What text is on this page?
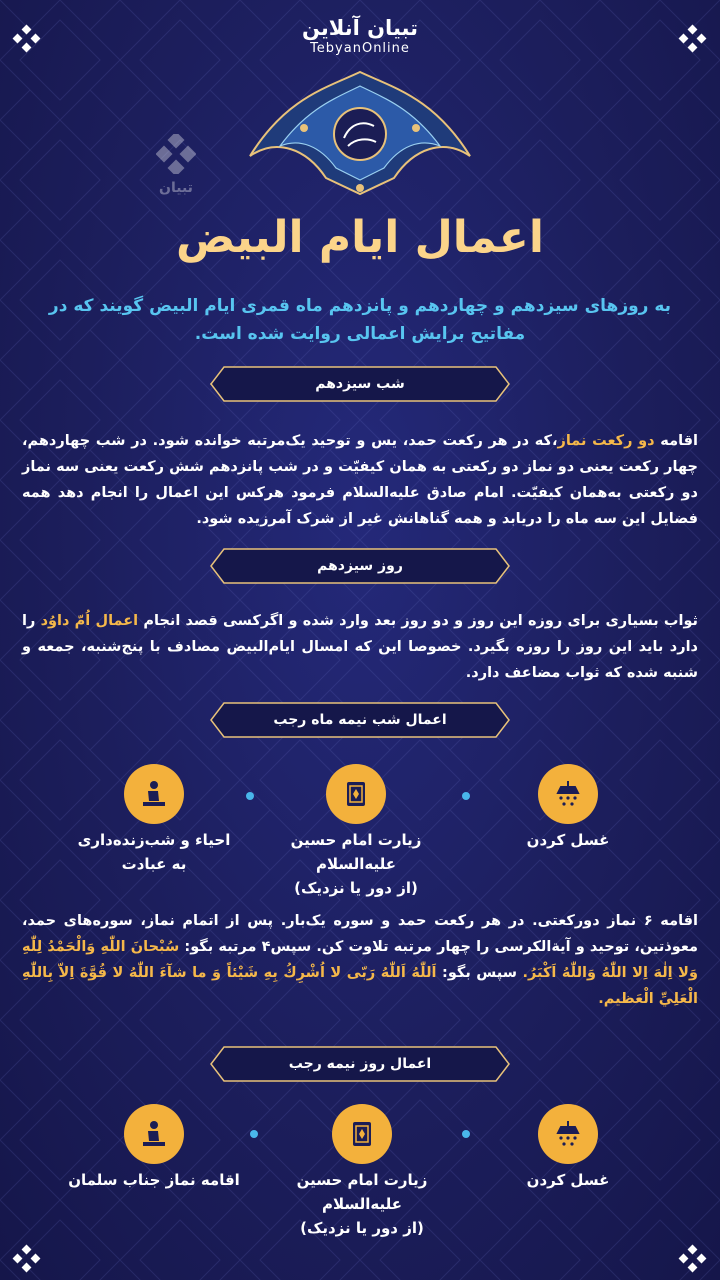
تبیان آنلاین
TebyanOnline
تبیان
اعمال ایام البیض
به روزهای سیزدهم و چهاردهم و پانزدهم ماه قمری ایام البیض گویند که در مفاتیح برایش اعمالی روایت شده است.
شب سیزدهم
اقامه دو رکعت نماز،که در هر رکعت حمد، یس و توحید یک‌مرتبه خوانده شود. در شب چهاردهم، چهار رکعت یعنی دو نماز دو رکعتی به همان کیفیّت و در شب پانزدهم شش رکعت یعنی سه نماز دو رکعتی به‌همان کیفیّت. امام صادق علیه‌السلام فرمود هرکس این اعمال را انجام دهد همه فضایل این سه ماه را دریابد و همه گناهانش غیر از شرک آمرزیده شود.
روز سیزدهم
ثواب بسیاری برای روزه این روز و دو روز بعد وارد شده و اگرکسی قصد انجام اعمال اُمّ داوُد را دارد باید این روز را روزه بگیرد. خصوصا این که امسال ایام‌البیض مصادف با پنج‌شنبه، جمعه و شنبه شده که ثواب مضاعف دارد.
اعمال شب نیمه ماه رجب
غسل کردن
زیارت امام حسین علیه‌السلام
(از دور یا نزدیک)
احیاء و شب‌زنده‌داری
به عبادت
اقامه ۶ نماز دورکعتی. در هر رکعت حمد و سوره یک‌بار. پس از اتمام نماز، سوره‌های حمد، معوذتین، توحید و آیةالکرسی را چهار مرتبه تلاوت کن. سپس۴ مرتبه بگو: سُبْحانَ اللّٰهِ وَالْحَمْدُ لِلّٰهِ وَلا اِلٰهَ اِلا اللّٰهُ وَاللّٰهُ اَكْبَرُ. سپس بگو: اَللّٰهُ اَللّٰهُ رَبّى لا اُشْرِكُ بِهِ شَيْئاً وَ ما شآءَ اللّٰهُ لا قُوَّةَ اِلاّ بِاللّٰهِ الْعَلِيِّ الْعَظيم.
اعمال روز نیمه رجب
غسل کردن
زیارت امام حسین علیه‌السلام
(از دور یا نزدیک)
اقامه نماز جناب سلمان
